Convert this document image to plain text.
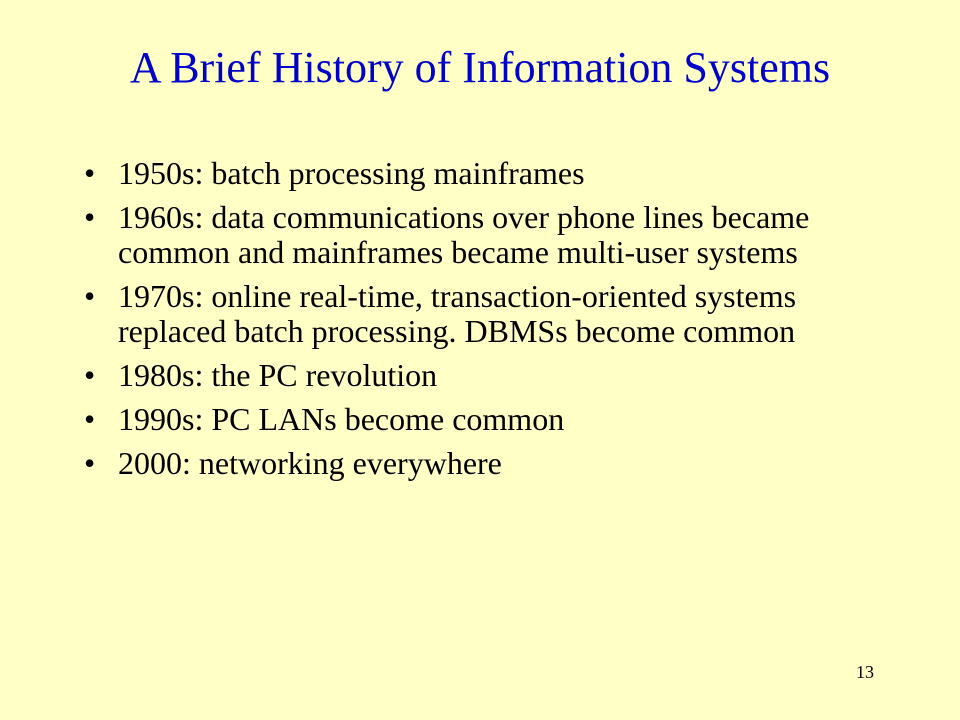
A Brief History of Information Systems
• 1950s: batch processing mainframes
• 1960s: data communications over phone lines became common and mainframes became multi-user systems
• 1970s: online real-time, transaction-oriented systems replaced batch processing. DBMSs become common
• 1980s: the PC revolution
• 1990s: PC LANs become common
• 2000: networking everywhere
13
